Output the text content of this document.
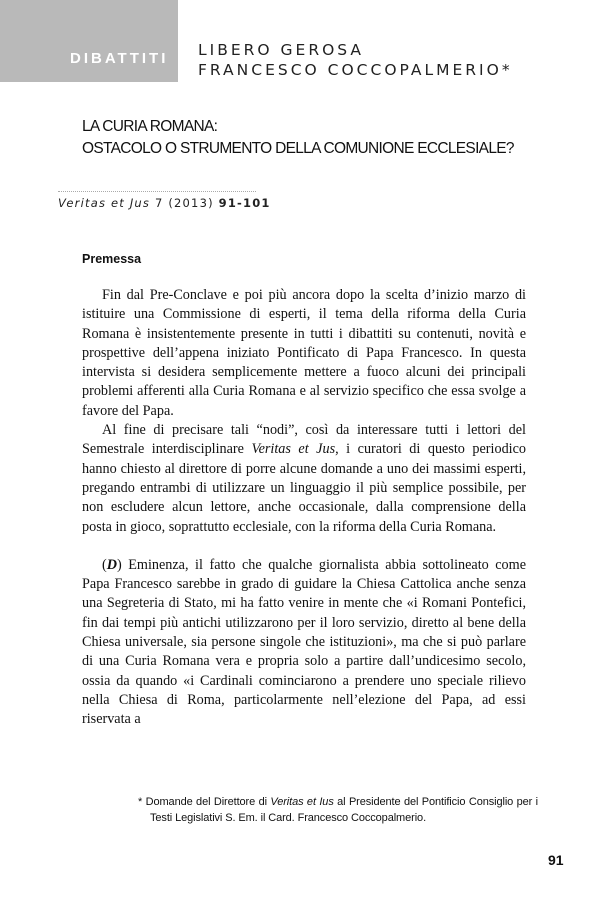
DIBATTITI LIBERO GEROSA
FRANCESCO COCCOPALMERIO*
LA CURIA ROMANA:
OSTACOLO O STRUMENTO DELLA COMUNIONE ECCLESIALE?
Veritas et Jus 7 (2013) 91-101
Premessa

Fin dal Pre-Conclave e poi più ancora dopo la scelta d’inizio marzo di istituire una Commissione di esperti, il tema della riforma della Curia Romana è insistentemente presente in tutti i dibattiti su contenuti, novità e prospettive dell’appena iniziato Pontificato di Papa Francesco. In questa intervista si desidera semplicemente mettere a fuoco alcuni dei principali problemi afferenti alla Curia Romana e al servizio specifico che essa svolge a favore del Papa.

Al fine di precisare tali “nodi”, così da interessare tutti i lettori del Semestrale interdisciplinare Veritas et Jus, i curatori di questo periodico hanno chiesto al direttore di porre alcune domande a uno dei massimi esperti, pregando entrambi di utilizzare un linguaggio il più semplice possibile, per non escludere alcun lettore, anche occasionale, dalla comprensione della posta in gioco, soprattutto ecclesiale, con la riforma della Curia Romana.

(D) Eminenza, il fatto che qualche giornalista abbia sottolineato come Papa Francesco sarebbe in grado di guidare la Chiesa Cattolica anche senza una Segreteria di Stato, mi ha fatto venire in mente che «i Romani Pontefici, fin dai tempi più antichi utilizzarono per il loro servizio, diretto al bene della Chiesa universale, sia persone singole che istituzioni», ma che si può parlare di una Curia Romana vera e propria solo a partire dall’undicesimo secolo, ossia da quando «i Cardinali cominciarono a prendere uno speciale rilievo nella Chiesa di Roma, particolarmente nell’elezione del Papa, ad essi riservata a

* Domande del Direttore di Veritas et Ius al Presidente del Pontificio Consiglio per i Testi Legislativi S. Em. il Card. Francesco Coccopalmerio.
91
